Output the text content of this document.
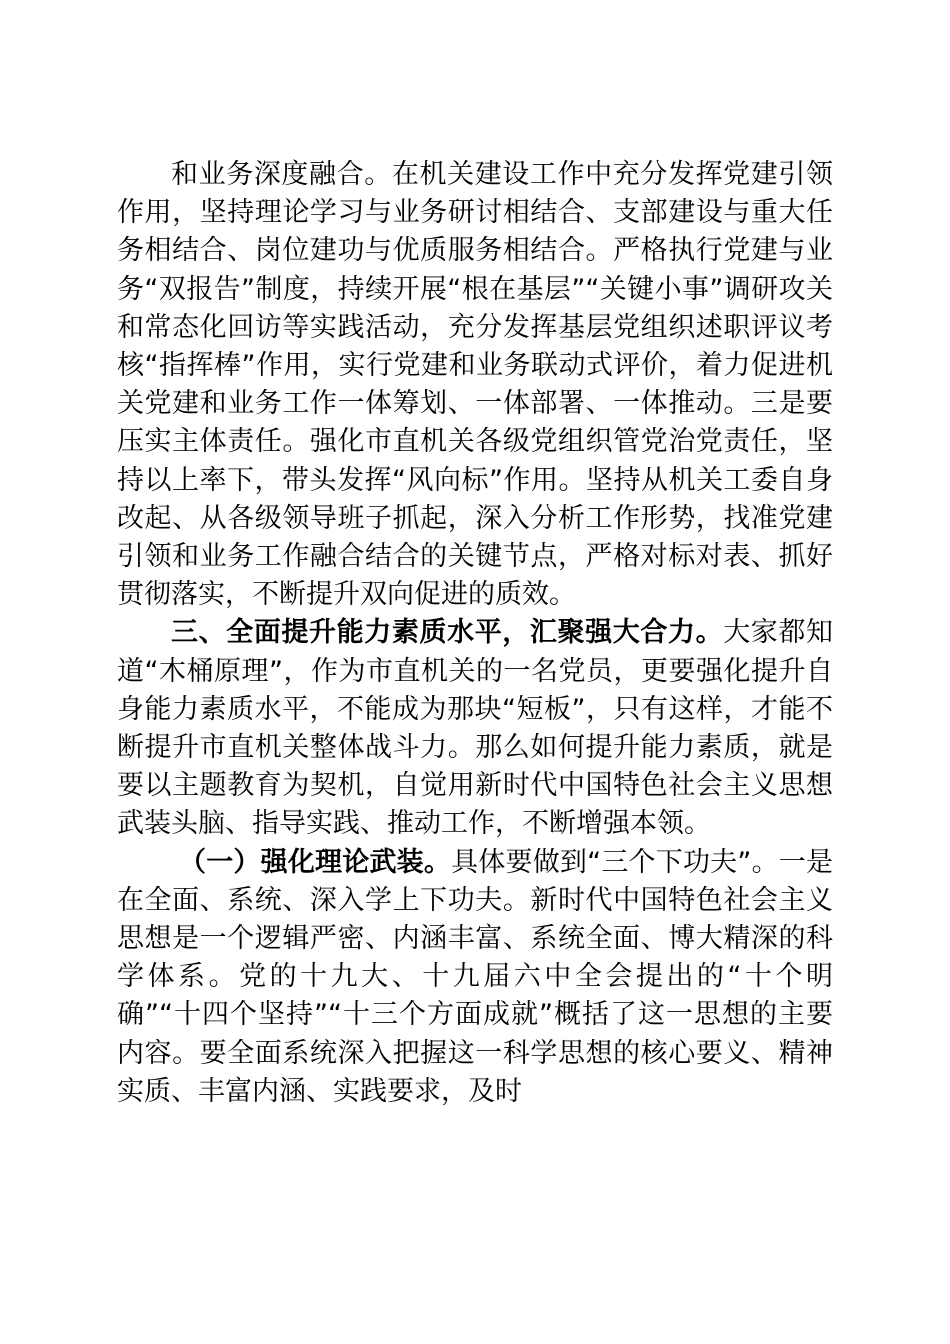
和业务深度融合。在机关建设工作中充分发挥党建引领作用，坚持理论学习与业务研讨相结合、支部建设与重大任务相结合、岗位建功与优质服务相结合。严格执行党建与业务“双报告”制度，持续开展“根在基层”“关键小事”调研攻关和常态化回访等实践活动，充分发挥基层党组织述职评议考核“指挥棒”作用，实行党建和业务联动式评价，着力促进机关党建和业务工作一体筹划、一体部署、一体推动。三是要压实主体责任。强化市直机关各级党组织管党治党责任，坚持以上率下，带头发挥“风向标”作用。坚持从机关工委自身改起、从各级领导班子抓起，深入分析工作形势，找准党建引领和业务工作融合结合的关键节点，严格对标对表、抓好贯彻落实，不断提升双向促进的质效。

三、全面提升能力素质水平，汇聚强大合力。大家都知道“木桶原理”，作为市直机关的一名党员，更要强化提升自身能力素质水平，不能成为那块“短板”，只有这样，才能不断提升市直机关整体战斗力。那么如何提升能力素质，就是要以主题教育为契机，自觉用新时代中国特色社会主义思想武装头脑、指导实践、推动工作，不断增强本领。

（一）强化理论武装。具体要做到“三个下功夫”。一是在全面、系统、深入学上下功夫。新时代中国特色社会主义思想是一个逻辑严密、内涵丰富、系统全面、博大精深的科学体系。党的十九大、十九届六中全会提出的“十个明确”“十四个坚持”“十三个方面成就”概括了这一思想的主要内容。要全面系统深入把握这一科学思想的核心要义、精神实质、丰富内涵、实践要求，及时
